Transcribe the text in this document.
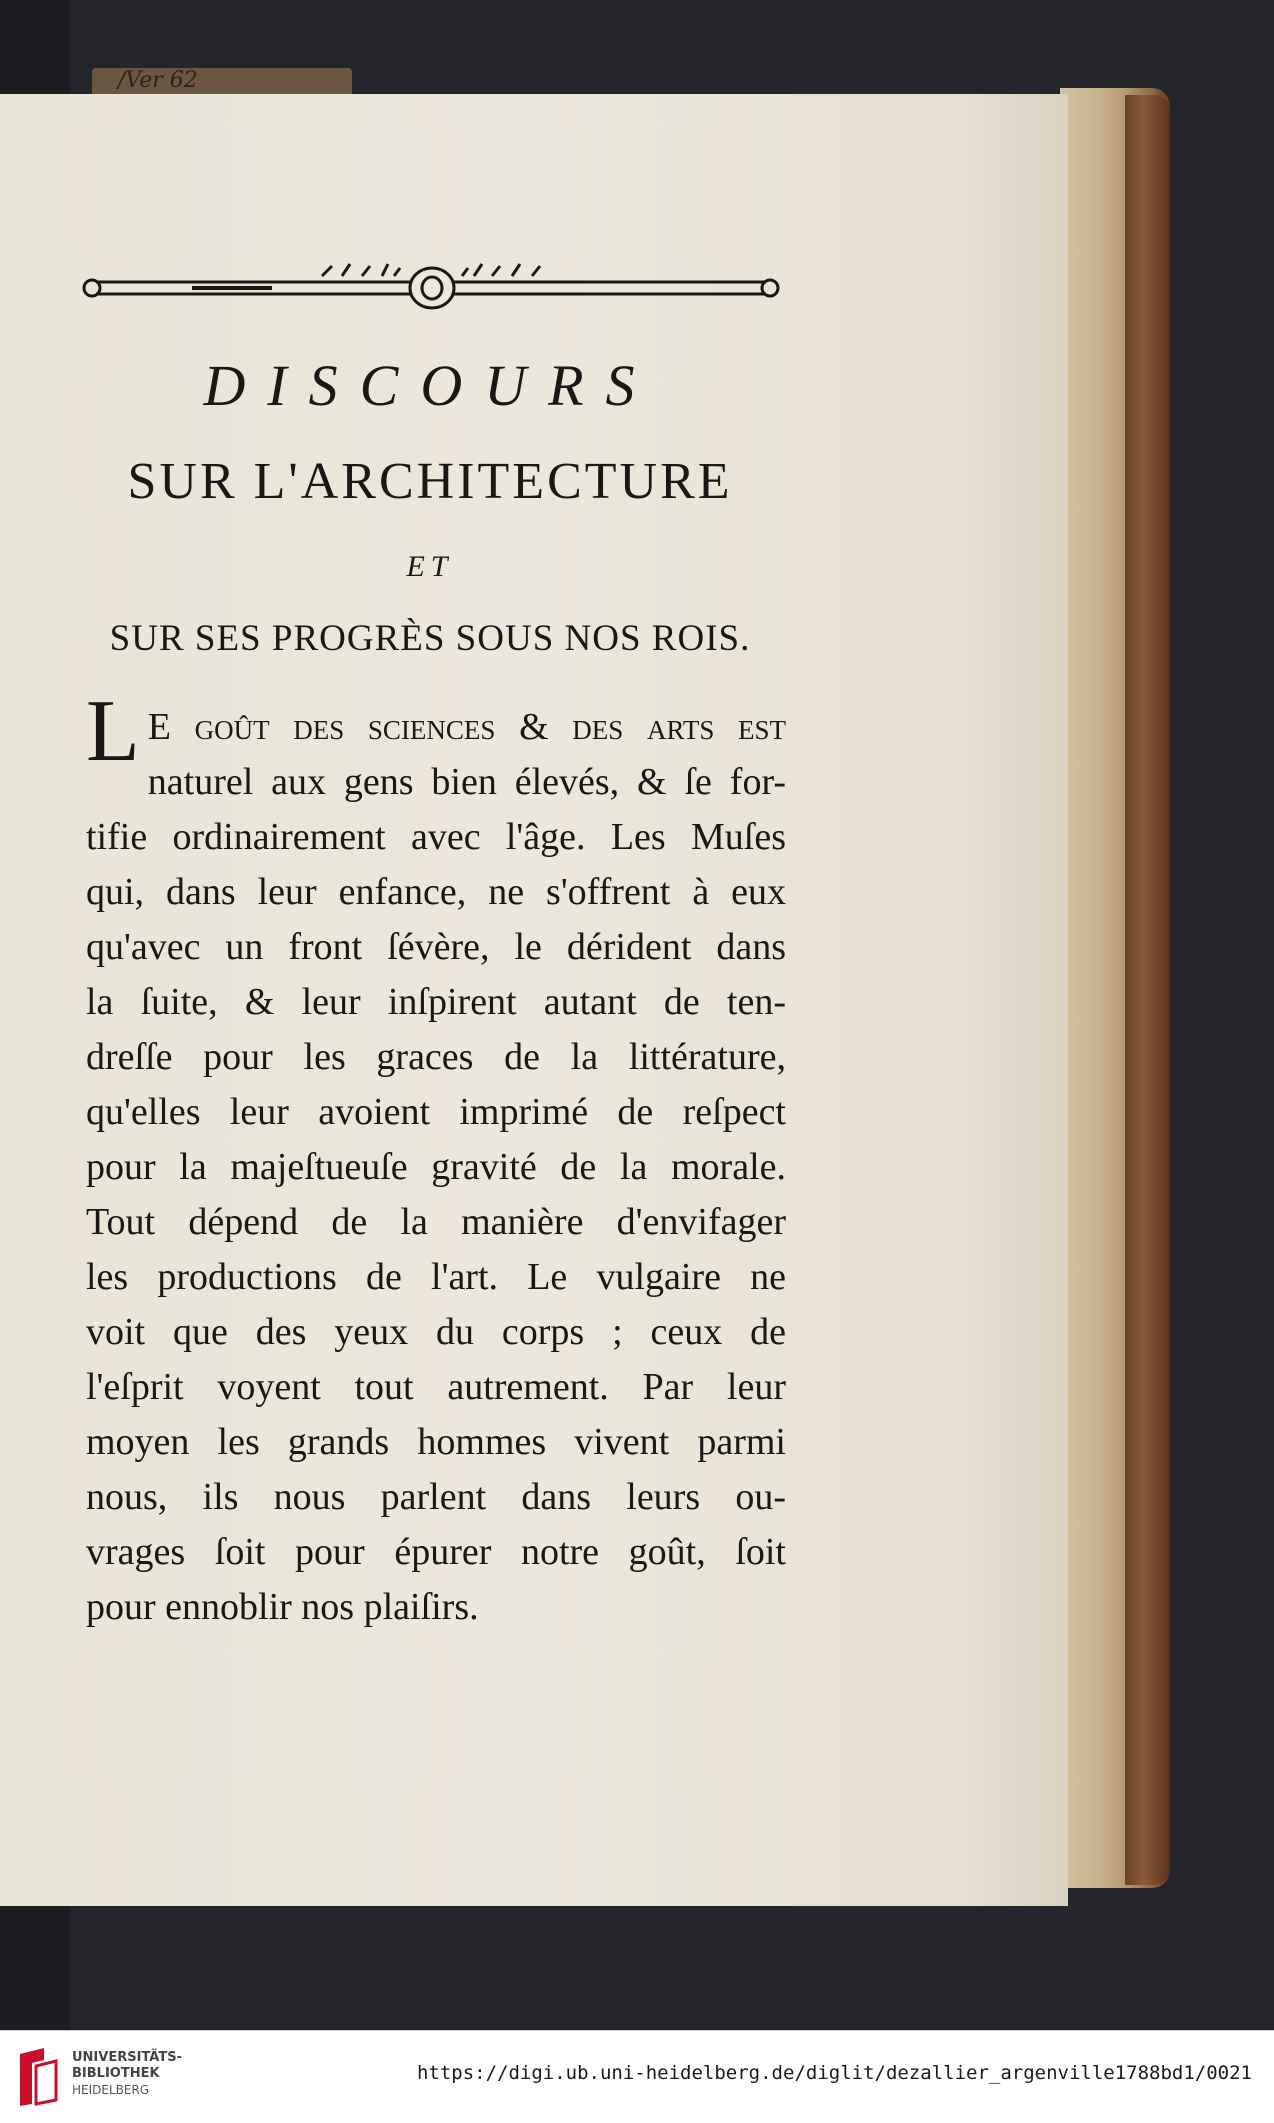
/Ver 62
DISCOURS
SUR L'ARCHITECTURE
ET
SUR SES PROGRÈS SOUS NOS ROIS.
L E goût des ſciences & des arts eſt
naturel aux gens bien élevés, & ſe for-
tifie ordinairement avec l'âge. Les Muſes
qui, dans leur enfance, ne s'offrent à eux
qu'avec un front ſévère, le dérident dans
la ſuite, & leur inſpirent autant de ten-
dreſſe pour les graces de la littérature,
qu'elles leur avoient imprimé de reſpect
pour la majeſtueuſe gravité de la morale.
Tout dépend de la manière d'envifager
les productions de l'art. Le vulgaire ne
voit que des yeux du corps ; ceux de
l'eſprit voyent tout autrement. Par leur
moyen les grands hommes vivent parmi
nous, ils nous parlent dans leurs ou-
vrages ſoit pour épurer notre goût, ſoit
pour ennoblir nos plaiſirs.
UNIVERSITÄTS-
BIBLIOTHEK
HEIDELBERG
https://digi.ub.uni-heidelberg.de/diglit/dezallier_argenville1788bd1/0021
